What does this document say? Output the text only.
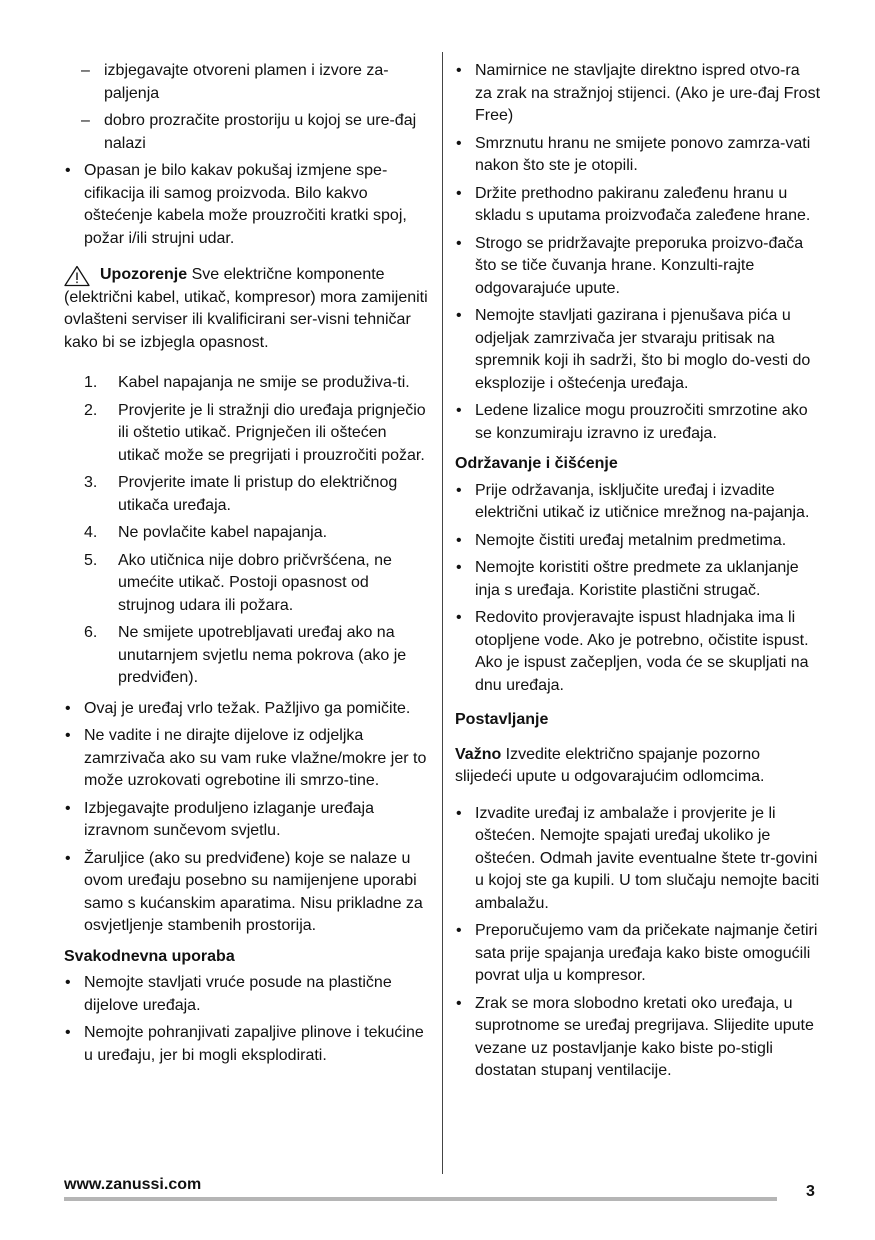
– izbjegavajte otvoreni plamen i izvore za-paljenja
– dobro prozračite prostoriju u kojoj se ure-đaj nalazi
• Opasan je bilo kakav pokušaj izmjene spe-cifikacija ili samog proizvoda. Bilo kakvo oštećenje kabela može prouzročiti kratki spoj, požar i/ili strujni udar.
Upozorenje Sve električne komponente (električni kabel, utikač, kompresor) mora zamijeniti ovlašteni serviser ili kvalificirani ser-visni tehničar kako bi se izbjegla opasnost.
1. Kabel napajanja ne smije se produživa-ti.
2. Provjerite je li stražnji dio uređaja prignječio ili oštetio utikač. Prignječen ili oštećen utikač može se pregrijati i prouzročiti požar.
3. Provjerite imate li pristup do električnog utikača uređaja.
4. Ne povlačite kabel napajanja.
5. Ako utičnica nije dobro pričvršćena, ne umećite utikač. Postoji opasnost od strujnog udara ili požara.
6. Ne smijete upotrebljavati uređaj ako na unutarnjem svjetlu nema pokrova (ako je predviđen).
• Ovaj je uređaj vrlo težak. Pažljivo ga pomičite.
• Ne vadite i ne dirajte dijelove iz odjeljka zamrzivača ako su vam ruke vlažne/mokre jer to može uzrokovati ogrebotine ili smrzo-tine.
• Izbjegavajte produljeno izlaganje uređaja izravnom sunčevom svjetlu.
• Žaruljice (ako su predviđene) koje se nalaze u ovom uređaju posebno su namijenjene uporabi samo s kućanskim aparatima. Nisu prikladne za osvjetljenje stambenih prostorija.
Svakodnevna uporaba
• Nemojte stavljati vruće posude na plastične dijelove uređaja.
• Nemojte pohranjivati zapaljive plinove i tekućine u uređaju, jer bi mogli eksplodirati.
• Namirnice ne stavljajte direktno ispred otvo-ra za zrak na stražnjoj stijenci. (Ako je ure-đaj Frost Free)
• Smrznutu hranu ne smijete ponovo zamrza-vati nakon što ste je otopili.
• Držite prethodno pakiranu zaleđenu hranu u skladu s uputama proizvođača zaleđene hrane.
• Strogo se pridržavajte preporuka proizvo-đača što se tiče čuvanja hrane. Konzulti-rajte odgovarajuće upute.
• Nemojte stavljati gazirana i pjenušava pića u odjeljak zamrzivača jer stvaraju pritisak na spremnik koji ih sadrži, što bi moglo do-vesti do eksplozije i oštećenja uređaja.
• Ledene lizalice mogu prouzročiti smrzotine ako se konzumiraju izravno iz uređaja.
Održavanje i čišćenje
• Prije održavanja, isključite uređaj i izvadite električni utikač iz utičnice mrežnog na-pajanja.
• Nemojte čistiti uređaj metalnim predmetima.
• Nemojte koristiti oštre predmete za uklanjanje inja s uređaja. Koristite plastični strugač.
• Redovito provjeravajte ispust hladnjaka ima li otopljene vode. Ako je potrebno, očistite ispust. Ako je ispust začepljen, voda će se skupljati na dnu uređaja.
Postavljanje
Važno Izvedite električno spajanje pozorno slijedeći upute u odgovarajućim odlomcima.
• Izvadite uređaj iz ambalaže i provjerite je li oštećen. Nemojte spajati uređaj ukoliko je oštećen. Odmah javite eventualne štete tr-govini u kojoj ste ga kupili. U tom slučaju nemojte baciti ambalažu.
• Preporučujemo vam da pričekate najmanje četiri sata prije spajanja uređaja kako biste omogućili povrat ulja u kompresor.
• Zrak se mora slobodno kretati oko uređaja, u suprotnome se uređaj pregrijava. Slijedite upute vezane uz postavljanje kako biste po-stigli dostatan stupanj ventilacije.
www.zanussi.com	3
